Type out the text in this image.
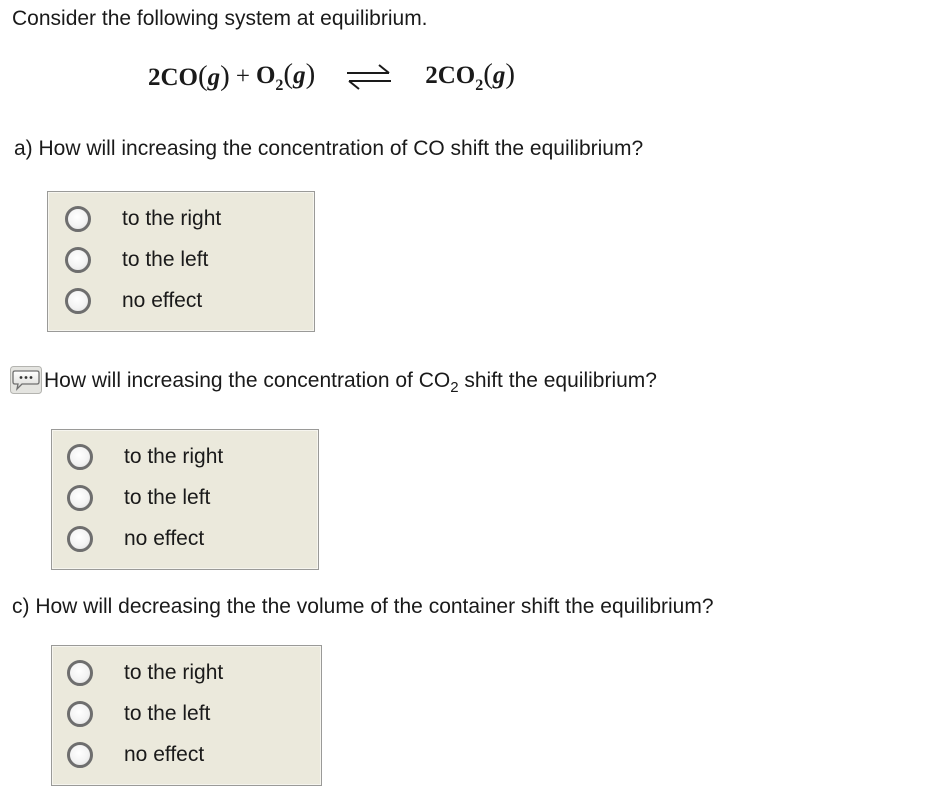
Consider the following system at equilibrium.
$2CO(g) + O_2(g)$ ⇌ $2CO_2(g)$
a) How will increasing the concentration of CO shift the equilibrium?
to the right
to the left
no effect
How will increasing the concentration of $CO_2$ shift the equilibrium?
to the right
to the left
no effect
c) How will decreasing the the volume of the container shift the equilibrium?
to the right
to the left
no effect
